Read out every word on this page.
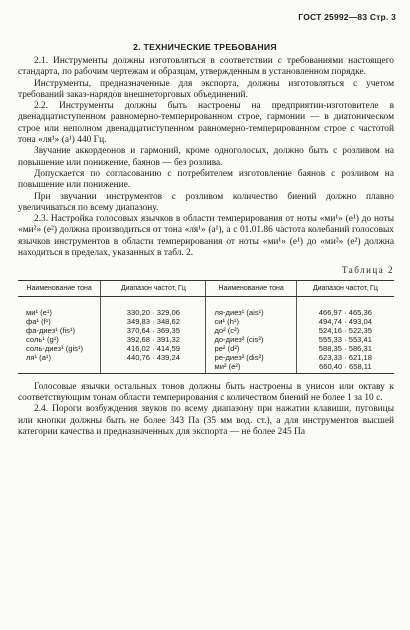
ГОСТ 25992—83 Стр. 3
2. ТЕХНИЧЕСКИЕ ТРЕБОВАНИЯ

2.1. Инструменты должны изготовляться в соответствии с требованиями настоящего стандарта, по рабочим чертежам и образцам, утвержденным в установленном порядке.

Инструменты, предназначенные для экспорта, должны изготовляться с учетом требований заказ-нарядов внешнеторговых объединений.

2.2. Инструменты должны быть настроены на предприятии-изготовителе в двенадцатиступенном равномерно-темперированном строе, гармонии — в диатоническом строе или неполном двенадцатиступенном равномерно-темперированном строе с частотой тона «ля¹» (а¹) 440 Гц.

Звучание аккордеонов и гармоний, кроме одноголосых, должно быть с розливом на повышение или понижение, баянов — без розлива.

Допускается по согласованию с потребителем изготовление баянов с розливом на повышение или понижение.

При звучании инструментов с розливом количество биений должно плавно увеличиваться по всему диапазону.

2.3. Настройка голосовых язычков в области темперирования от ноты «ми¹» (е¹) до ноты «ми²» (е²) должна производиться от тона «ля¹» (а¹), а с 01.01.86 частота колебаний голосовых язычков инструментов в области темперирования от ноты «ми¹» (е¹) до «ми²» (е²) должна находиться в пределах, указанных в табл. 2.

Таблица 2
Наименование тона	Диапазон частот, Гц	Наименование тона	Диапазон частот, Гц

ми¹ (е¹)	330,20 · 329,06	ля-диез¹ (ais¹)	466,97 · 465,36
фа¹ (f¹)	349,83 · 348,62	си¹ (h¹)	494,74 · 493,04
фа-диез¹ (fis¹)	370,64 · 369,35	до² (с²)	524,16 · 522,35
соль¹ (g¹)	392,68 · 391,32	до-диез² (cis²)	555,33 · 553,41
соль-диез¹ (gis¹)	416,02 · 414,59	ре² (d²)	588,35 · 586,31
ля¹ (а¹)	440,76 · 439,24	ре-диез² (dis²)	623,33 · 621,18
		ми² (е²)	660,40 · 658,11

Голосовые язычки остальных тонов должны быть настроены в унисон или октаву к соответствующим тонам области темперирования с количеством биений не более 1 за 10 с.

2.4. Пороги возбуждения звуков по всему диапазону при нажатии клавиши, пуговицы или кнопки должны быть не более 343 Па (35 мм вод. ст.), а для инструментов высшей категории качества и предназначенных для экспорта — не более 245 Па
